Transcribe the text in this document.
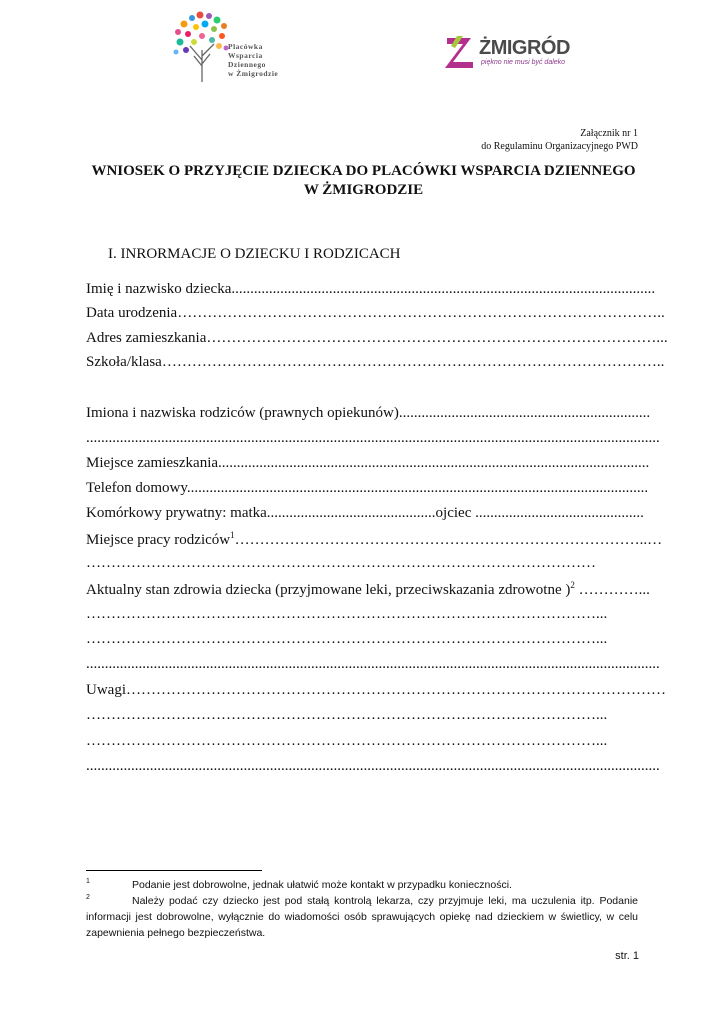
Placówka
Wsparcia
Dziennego
w Żmigrodzie
ŻMIGRÓD
piękno nie musi być daleko
Załącznik nr 1
do Regulaminu Organizacyjnego PWD
WNIOSEK O PRZYJĘCIE DZIECKA DO PLACÓWKI WSPARCIA DZIENNEGO
W ŻMIGRODZIE
I. INRORMACJE O DZIECKU I RODZICACH
Imię i nazwisko dziecka.................................................................................................................
Data urodzenia……………………………………………………………………………………..
Adres zamieszkania………………………………………………………………………………...
Szkoła/klasa………………………………………………………………………………………..
Imiona i nazwiska rodziców (prawnych opiekunów)...................................................................
.........................................................................................................................................................
Miejsce zamieszkania...................................................................................................................
Telefon domowy...........................................................................................................................
Komórkowy prywatny: matka.............................................ojciec .............................................
Miejsce pracy rodziców$^1$………………………………………………………………………..…
…………………………………………………………………………………………
Aktualny stan zdrowia dziecka (przyjmowane leki, przeciwskazania zdrowotne )$^2$ …………...
…………………………………………………………………………………………...
…………………………………………………………………………………………...
.........................................................................................................................................................
Uwagi………………………………………………………………………………………………
…………………………………………………………………………………………...
…………………………………………………………………………………………...
.........................................................................................................................................................
1	Podanie jest dobrowolne, jednak ułatwić może kontakt w przypadku konieczności.
2	Należy podać czy dziecko jest pod stałą kontrolą lekarza, czy przyjmuje leki, ma uczulenia itp. Podanie informacji jest dobrowolne, wyłącznie do wiadomości osób sprawujących opiekę nad dzieckiem w świetlicy, w celu zapewnienia pełnego bezpieczeństwa.
str. 1
